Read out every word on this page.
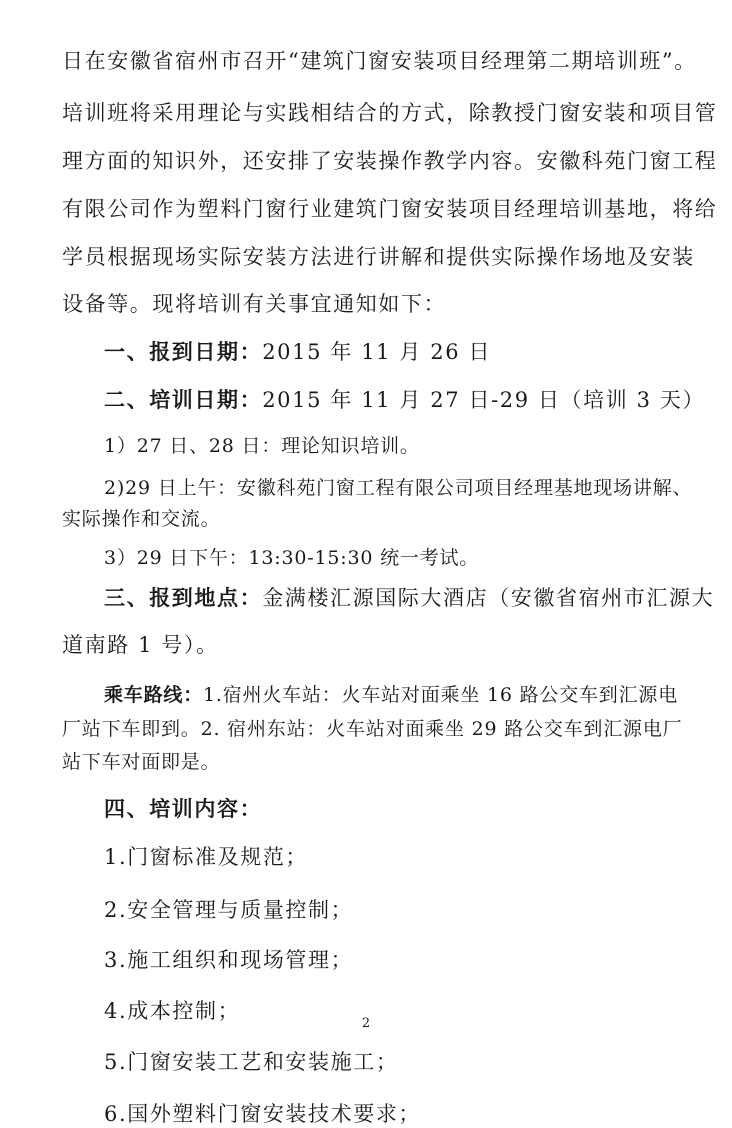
日在安徽省宿州市召开“建筑门窗安装项目经理第二期培训班”。
培训班将采用理论与实践相结合的方式，除教授门窗安装和项目管
理方面的知识外，还安排了安装操作教学内容。安徽科苑门窗工程
有限公司作为塑料门窗行业建筑门窗安装项目经理培训基地，将给
学员根据现场实际安装方法进行讲解和提供实际操作场地及安装
设备等。现将培训有关事宜通知如下：
一、报到日期：2015 年 11 月 26 日
二、培训日期：2015 年 11 月 27 日-29 日（培训 3 天）
1）27 日、28 日：理论知识培训。
2)29 日上午：安徽科苑门窗工程有限公司项目经理基地现场讲解、
实际操作和交流。
3）29 日下午：13:30-15:30 统一考试。
三、报到地点：金满楼汇源国际大酒店（安徽省宿州市汇源大
道南路 1 号）。
乘车路线：1.宿州火车站：火车站对面乘坐 16 路公交车到汇源电
厂站下车即到。2. 宿州东站：火车站对面乘坐 29 路公交车到汇源电厂
站下车对面即是。
四、培训内容：
1.门窗标准及规范；
2.安全管理与质量控制；
3.施工组织和现场管理；
4.成本控制；
5.门窗安装工艺和安装施工；
6.国外塑料门窗安装技术要求；
2
